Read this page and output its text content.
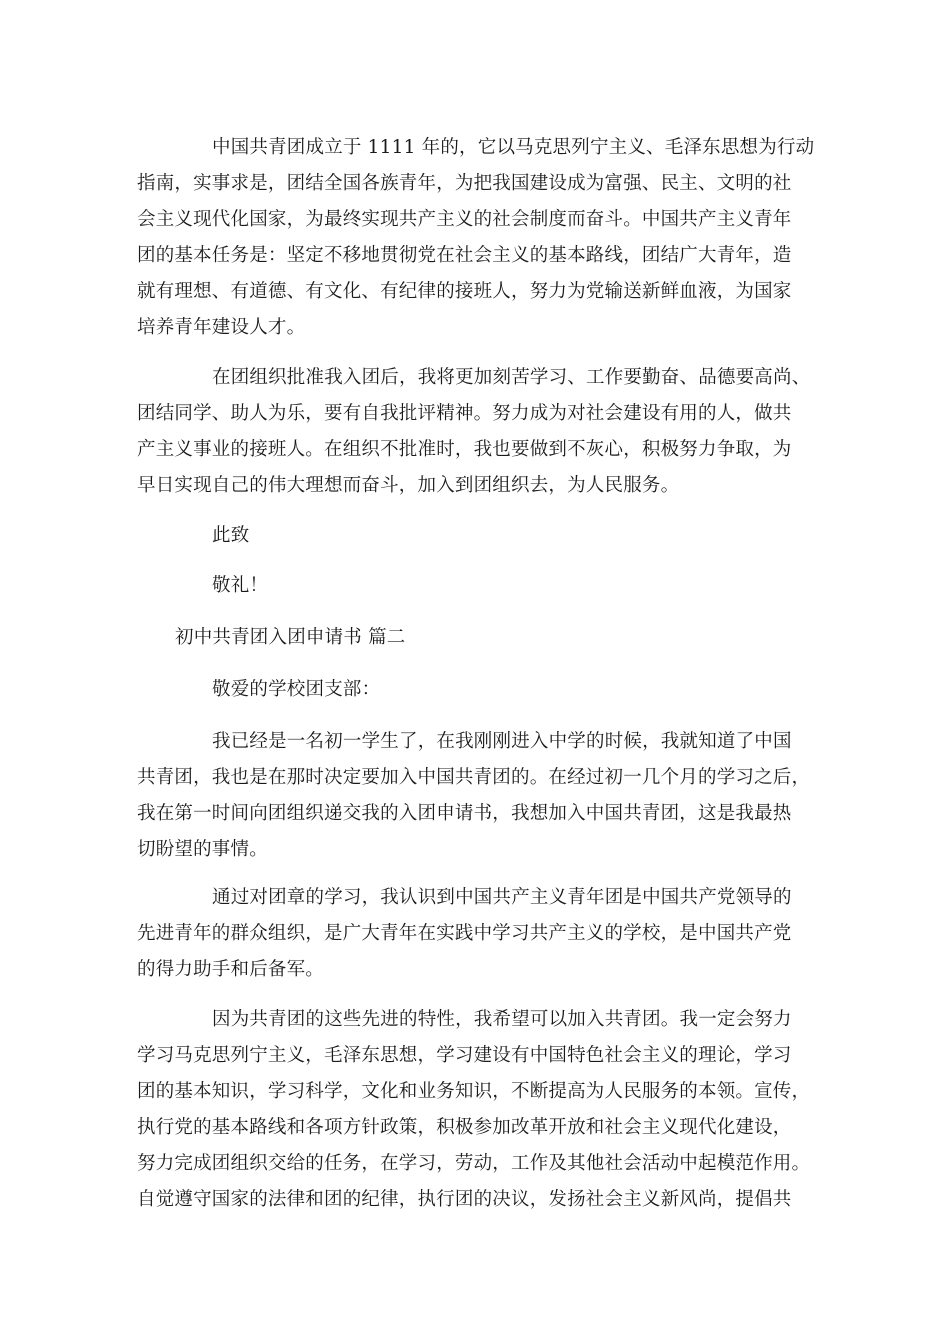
中国共青团成立于 1111 年的，它以马克思列宁主义、毛泽东思想为行动
指南，实事求是，团结全国各族青年，为把我国建设成为富强、民主、文明的社
会主义现代化国家，为最终实现共产主义的社会制度而奋斗。中国共产主义青年
团的基本任务是：坚定不移地贯彻党在社会主义的基本路线，团结广大青年，造
就有理想、有道德、有文化、有纪律的接班人，努力为党输送新鲜血液，为国家
培养青年建设人才。
在团组织批准我入团后，我将更加刻苦学习、工作要勤奋、品德要高尚、
团结同学、助人为乐，要有自我批评精神。努力成为对社会建设有用的人，做共
产主义事业的接班人。在组织不批准时，我也要做到不灰心，积极努力争取，为
早日实现自己的伟大理想而奋斗，加入到团组织去，为人民服务。
此致
敬礼！
初中共青团入团申请书 篇二
敬爱的学校团支部：
我已经是一名初一学生了，在我刚刚进入中学的时候，我就知道了中国
共青团，我也是在那时决定要加入中国共青团的。在经过初一几个月的学习之后，
我在第一时间向团组织递交我的入团申请书，我想加入中国共青团，这是我最热
切盼望的事情。
通过对团章的学习，我认识到中国共产主义青年团是中国共产党领导的
先进青年的群众组织，是广大青年在实践中学习共产主义的学校，是中国共产党
的得力助手和后备军。
因为共青团的这些先进的特性，我希望可以加入共青团。我一定会努力
学习马克思列宁主义，毛泽东思想，学习建设有中国特色社会主义的理论，学习
团的基本知识，学习科学，文化和业务知识，不断提高为人民服务的本领。宣传，
执行党的基本路线和各项方针政策，积极参加改革开放和社会主义现代化建设，
努力完成团组织交给的任务，在学习，劳动，工作及其他社会活动中起模范作用。
自觉遵守国家的法律和团的纪律，执行团的决议，发扬社会主义新风尚，提倡共
